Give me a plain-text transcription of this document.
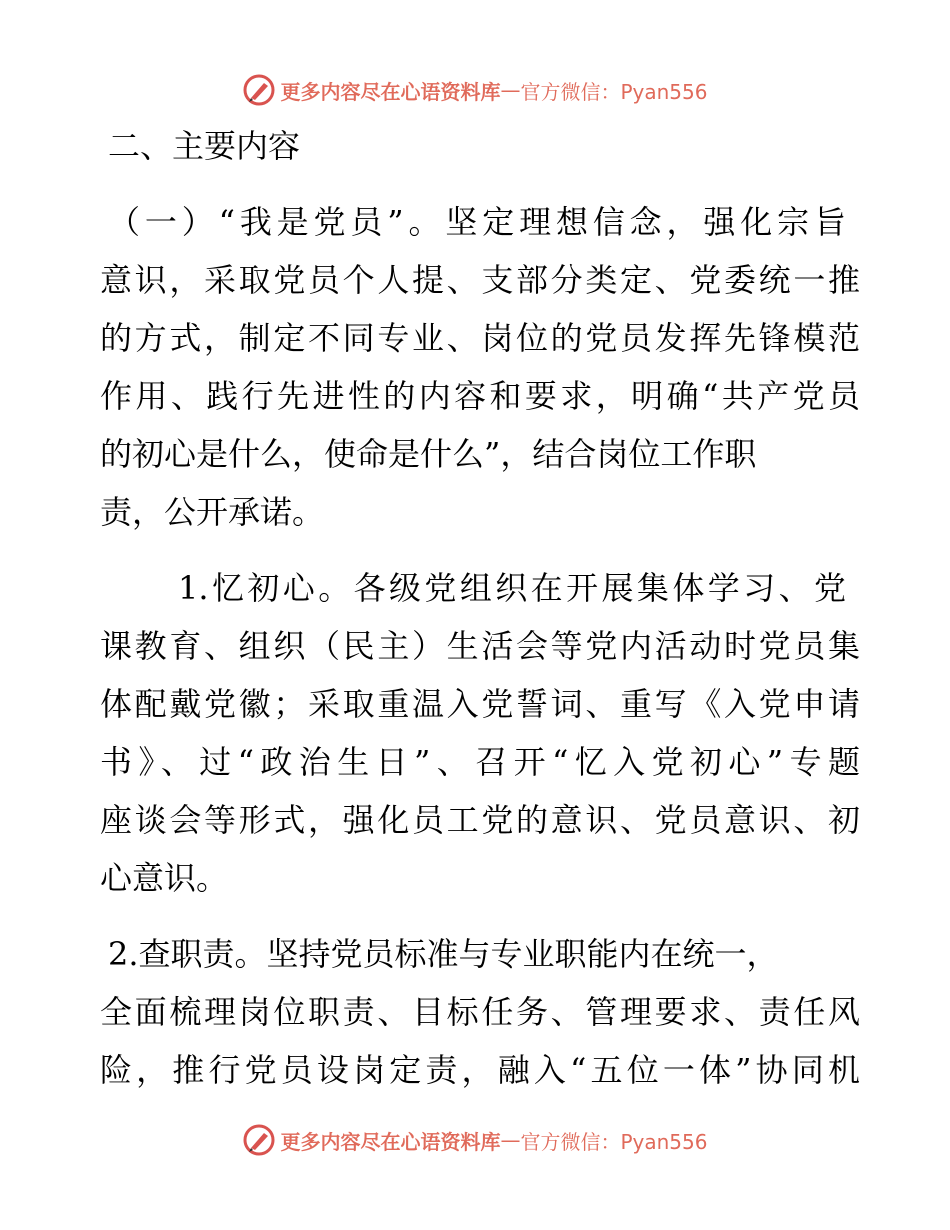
更多内容尽在心语资料库 — 官方微信：Pyan556
二、主要内容
（一）“我是党员”。坚定理想信念，强化宗旨
意识，采取党员个人提、支部分类定、党委统一推
的方式，制定不同专业、岗位的党员发挥先锋模范
作用、践行先进性的内容和要求，明确“共产党员
的初心是什么，使命是什么”，结合岗位工作职
责，公开承诺。
1.忆初心。各级党组织在开展集体学习、党
课教育、组织（民主）生活会等党内活动时党员集
体配戴党徽；采取重温入党誓词、重写《入党申请
书》、过“政治生日”、召开“忆入党初心”专题
座谈会等形式，强化员工党的意识、党员意识、初
心意识。
2.查职责。坚持党员标准与专业职能内在统一，
全面梳理岗位职责、目标任务、管理要求、责任风
险，推行党员设岗定责，融入“五位一体”协同机
更多内容尽在心语资料库 — 官方微信：Pyan556
